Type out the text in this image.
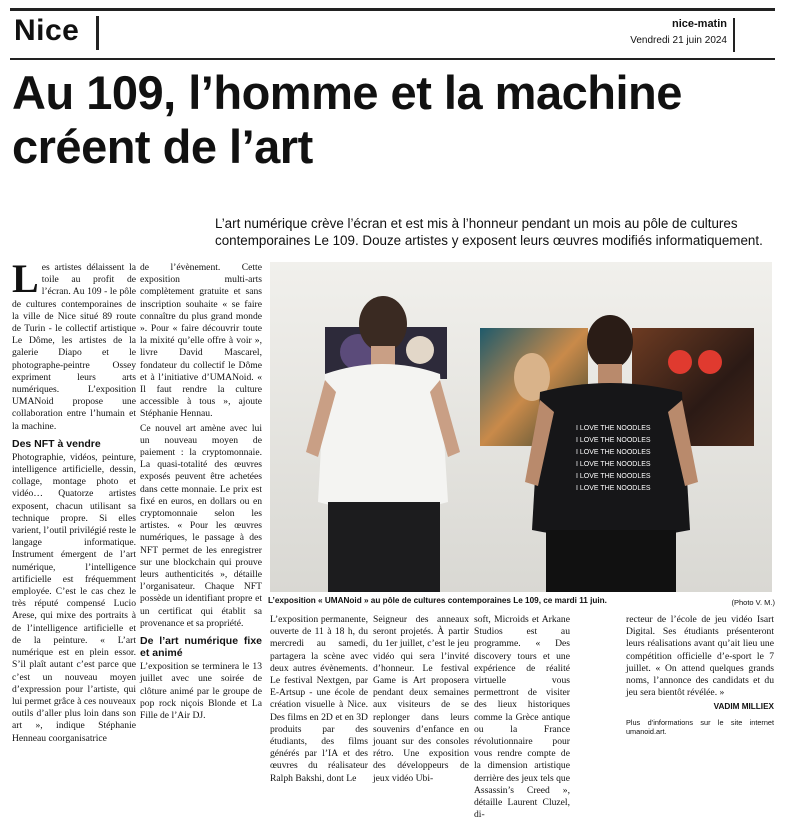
Nice	nice-matin
Vendredi 21 juin 2024
Au 109, l’homme et la machine créent de l’art
L’art numérique crève l’écran et est mis à l’honneur pendant un mois au pôle de cultures contemporaines Le 109. Douze artistes y exposent leurs œuvres modifiés informatiquement.
L es artistes délaissent la toile au profit de l’écran. Au 109 - le pôle de cultures contemporaines de la ville de Nice situé 89 route de Turin - le collectif artistique Le Dôme, les artistes de la galerie Diapo et le photographe-peintre Ossey expriment leurs arts numériques. L’exposition UMANoid propose une collaboration entre l’humain et la machine.

Des NFT à vendre

Photographie, vidéos, peinture, intelligence artificielle, dessin, collage, montage photo et vidéo… Quatorze artistes exposent, chacun utilisant sa technique propre. Si elles varient, l’outil privilégié reste le langage informatique. Instrument émergent de l’art numérique, l’intelligence artificielle est fréquemment employée. C’est le cas chez le très réputé compensé Lucio Arese, qui mixe des portraits à de l’intelligence artificielle et de la peinture. « L’art numérique est en plein essor. S’il plaît autant c’est parce que c’est un nouveau moyen d’expression pour l’artiste, qui lui permet grâce à ces nouveaux outils d’aller plus loin dans son art », indique Stéphanie Henneau coorganisatrice

de l’évènement. Cette exposition multi-arts complètement gratuite et sans inscription souhaite « se faire connaître du plus grand monde ». Pour « faire découvrir toute la mixité qu’elle offre à voir », livre David Mascarel, fondateur du collectif le Dôme et à l’initiative d’UMANoid. « Il faut rendre la culture accessible à tous », ajoute Stéphanie Hennau.

Ce nouvel art amène avec lui un nouveau moyen de paiement : la cryptomonnaie. La quasi-totalité des œuvres exposés peuvent être achetées dans cette monnaie. Le prix est fixé en euros, en dollars ou en cryptomonnaie selon les artistes. « Pour les œuvres numériques, le passage à des NFT permet de les enregistrer sur une blockchain qui prouve leurs authenticités », détaille l’organisateur. Chaque NFT possède un identifiant propre et un certificat qui établit sa provenance et sa propriété.

De l’art numérique fixe et animé

L’exposition se terminera le 13 juillet avec une soirée de clôture animé par le groupe de pop rock niçois Blonde et La Fille de l’Air DJ.

I LOVE THE NOODLES
I LOVE THE NOODLES
I LOVE THE NOODLES
I LOVE THE NOODLES
I LOVE THE NOODLES
I LOVE THE NOODLES
L’exposition « UMANoid » au pôle de cultures contemporaines Le 109, ce mardi 11 juin.	(Photo V. M.)

L’exposition permanente, ouverte de 11 à 18 h, du mercredi au samedi, partagera la scène avec deux autres évènements. Le festival Nextgen, par E-Artsup - une école de création visuelle à Nice. Des films en 2D et en 3D produits par des étudiants, des films générés par l’IA et des œuvres du réalisateur Ralph Bakshi, dont Le

Seigneur des anneaux seront projetés. À partir du 1er juillet, c’est le jeu vidéo qui sera l’invité d’honneur. Le festival Game is Art proposera pendant deux semaines aux visiteurs de se replonger dans leurs souvenirs d’enfance en jouant sur des consoles rétro. Une exposition des développeurs de jeux vidéo Ubi-

soft, Microids et Arkane Studios est au programme. « Des discovery tours et une expérience de réalité virtuelle vous permettront de visiter des lieux historiques comme la Grèce antique ou la France révolutionnaire pour vous rendre compte de la dimension artistique derrière des jeux tels que Assassin’s Creed », détaille Laurent Cluzel, di-

recteur de l’école de jeu vidéo Isart Digital. Ses étudiants présenteront leurs réalisations avant qu’ait lieu une compétition officielle d’e-sport le 7 juillet. « On attend quelques grands noms, l’annonce des candidats et du jeu sera bientôt révélée. »

VADIM MILLIEX
Plus d’informations sur le site internet umanoid.art.
